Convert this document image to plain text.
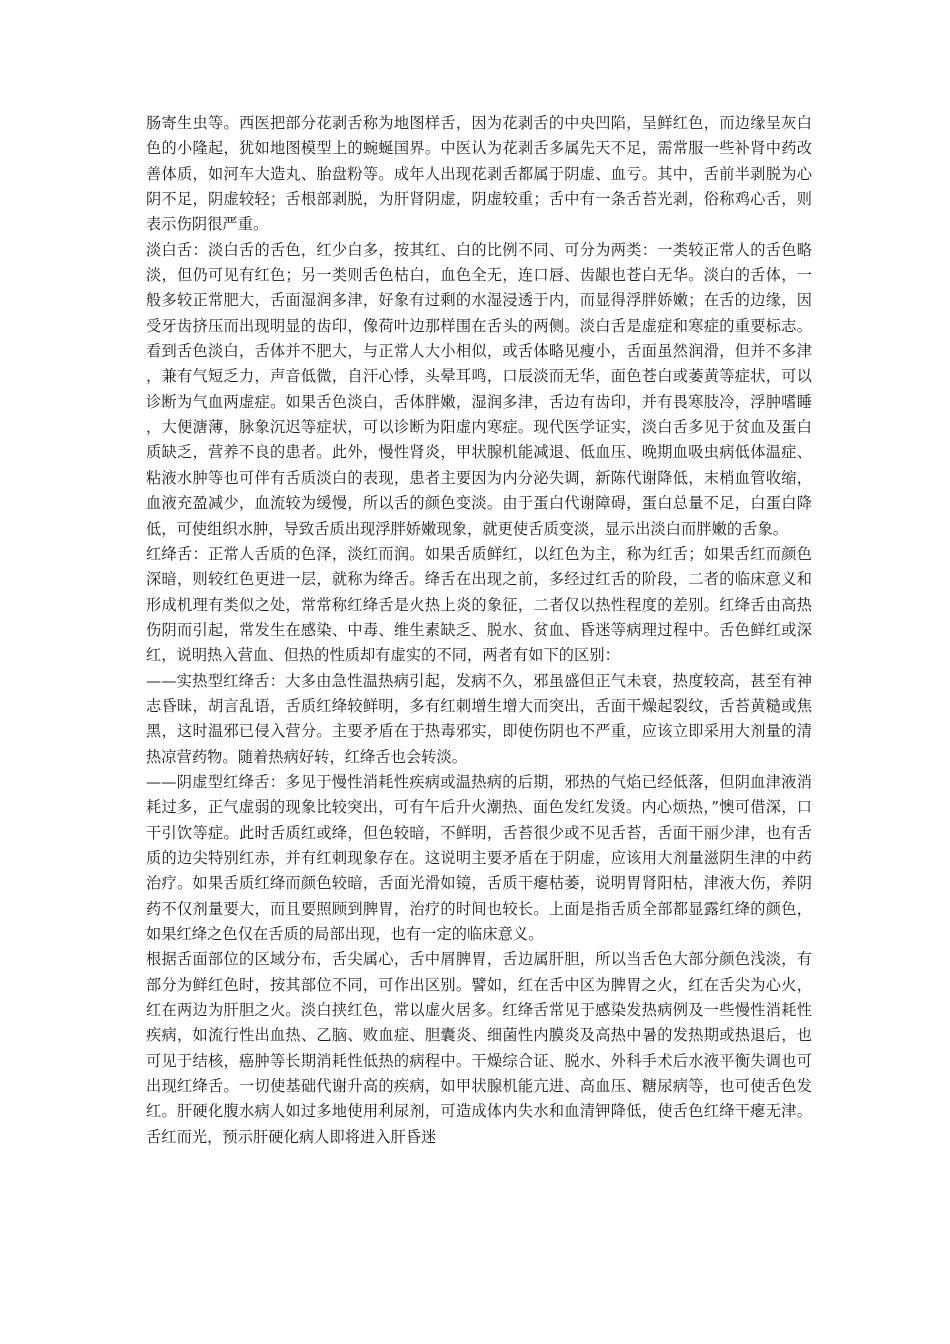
肠寄生虫等。西医把部分花剥舌称为地图样舌，因为花剥舌的中央凹陷，呈鲜红色，而边缘呈灰白色的小隆起，犹如地图模型上的蜿蜒国界。中医认为花剥舌多属先天不足，需常服一些补肾中药改善体质，如河车大造丸、胎盘粉等。成年人出现花剥舌都属于阴虚、血亏。其中，舌前半剥脱为心阴不足，阴虚较轻；舌根部剥脱，为肝肾阴虚，阴虚较重；舌中有一条舌苔光剥，俗称鸡心舌，则表示伤阴很严重。

淡白舌：淡白舌的舌色，红少白多，按其红、白的比例不同、可分为两类：一类较正常人的舌色略淡，但仍可见有红色；另一类则舌色枯白，血色全无，连口唇、齿龈也苍白无华。淡白的舌体，一般多较正常肥大，舌面湿润多津，好象有过剩的水湿浸透于内，而显得浮胖娇嫩；在舌的边缘，因受牙齿挤压而出现明显的齿印，像荷叶边那样围在舌头的两侧。淡白舌是虚症和寒症的重要标志。看到舌色淡白，舌体并不肥大，与正常人大小相似，或舌体略见瘦小，舌面虽然润滑，但并不多津，兼有气短乏力，声音低微，自汗心悸，头晕耳鸣，口辰淡而无华，面色苍白或萎黄等症状，可以诊断为气血两虚症。如果舌色淡白，舌体胖嫩，湿润多津，舌边有齿印，并有畏寒肢冷，浮肿嗜睡，大便溏薄，脉象沉迟等症状，可以诊断为阳虚内寒症。现代医学证实，淡白舌多见于贫血及蛋白质缺乏，营养不良的患者。此外，慢性肾炎，甲状腺机能减退、低血压、晚期血吸虫病低体温症、粘液水肿等也可伴有舌质淡白的表现，患者主要因为内分泌失调，新陈代谢降低，末梢血管收缩，血液充盈减少，血流较为缓慢，所以舌的颜色变淡。由于蛋白代谢障碍，蛋白总量不足，白蛋白降低，可使组织水肿，导致舌质出现浮胖娇嫩现象，就更使舌质变淡，显示出淡白而胖嫩的舌象。

红绛舌：正常人舌质的色泽，淡红而润。如果舌质鲜红，以红色为主，称为红舌；如果舌红而颜色深暗，则较红色更进一层，就称为绛舌。绛舌在出现之前，多经过红舌的阶段，二者的临床意义和形成机理有类似之处，常常称红绛舌是火热上炎的象征，二者仅以热性程度的差别。红绛舌由高热伤阴而引起，常发生在感染、中毒、维生素缺乏、脱水、贫血、昏迷等病理过程中。舌色鲜红或深红，说明热入营血、但热的性质却有虚实的不同，两者有如下的区别：

——实热型红绛舌：大多由急性温热病引起，发病不久，邪虽盛但正气未衰，热度较高，甚至有神志昏昧，胡言乱语，舌质红绛较鲜明，多有红刺增生增大而突出，舌面干燥起裂纹，舌苔黄糙或焦黑，这时温邪已侵入营分。主要矛盾在于热毒邪实，即使伤阴也不严重，应该立即采用大剂量的清热凉营药物。随着热病好转，红绛舌也会转淡。

——阴虚型红绛舌：多见于慢性消耗性疾病或温热病的后期，邪热的气焰已经低落，但阴血津液消耗过多，正气虚弱的现象比较突出，可有午后升火潮热、面色发红发烫。内心烦热，”懊可借深，口干引饮等症。此时舌质红或绛，但色较暗，不鲜明，舌苔很少或不见舌苔，舌面干丽少津，也有舌质的边尖特别红赤，并有红刺现象存在。这说明主要矛盾在于阴虚，应该用大剂量滋阴生津的中药治疗。如果舌质红绛而颜色较暗，舌面光滑如镜，舌质干瘪枯萎，说明胃肾阳枯，津液大伤，养阴药不仅剂量要大，而且要照顾到脾胃，治疗的时间也较长。上面是指舌质全部都显露红绛的颜色，如果红绛之色仅在舌质的局部出现，也有一定的临床意义。

根据舌面部位的区域分布，舌尖属心，舌中屑脾胃，舌边属肝胆，所以当舌色大部分颜色浅淡，有部分为鲜红色时，按其部位不同，可作出区别。譬如，红在舌中区为脾胃之火，红在舌尖为心火，红在两边为肝胆之火。淡白挟红色，常以虚火居多。红绛舌常见于感染发热病例及一些慢性消耗性疾病，如流行性出血热、乙脑、败血症、胆囊炎、细菌性内膜炎及高热中暑的发热期或热退后，也可见于结核，癌肿等长期消耗性低热的病程中。干燥综合证、脱水、外科手术后水液平衡失调也可出现红绛舌。一切使基础代谢升高的疾病，如甲状腺机能亢进、高血压、糖尿病等，也可使舌色发红。肝硬化腹水病人如过多地使用利尿剂，可造成体内失水和血清钾降低，使舌色红绛干瘪无津。舌红而光，预示肝硬化病人即将进入肝昏迷
